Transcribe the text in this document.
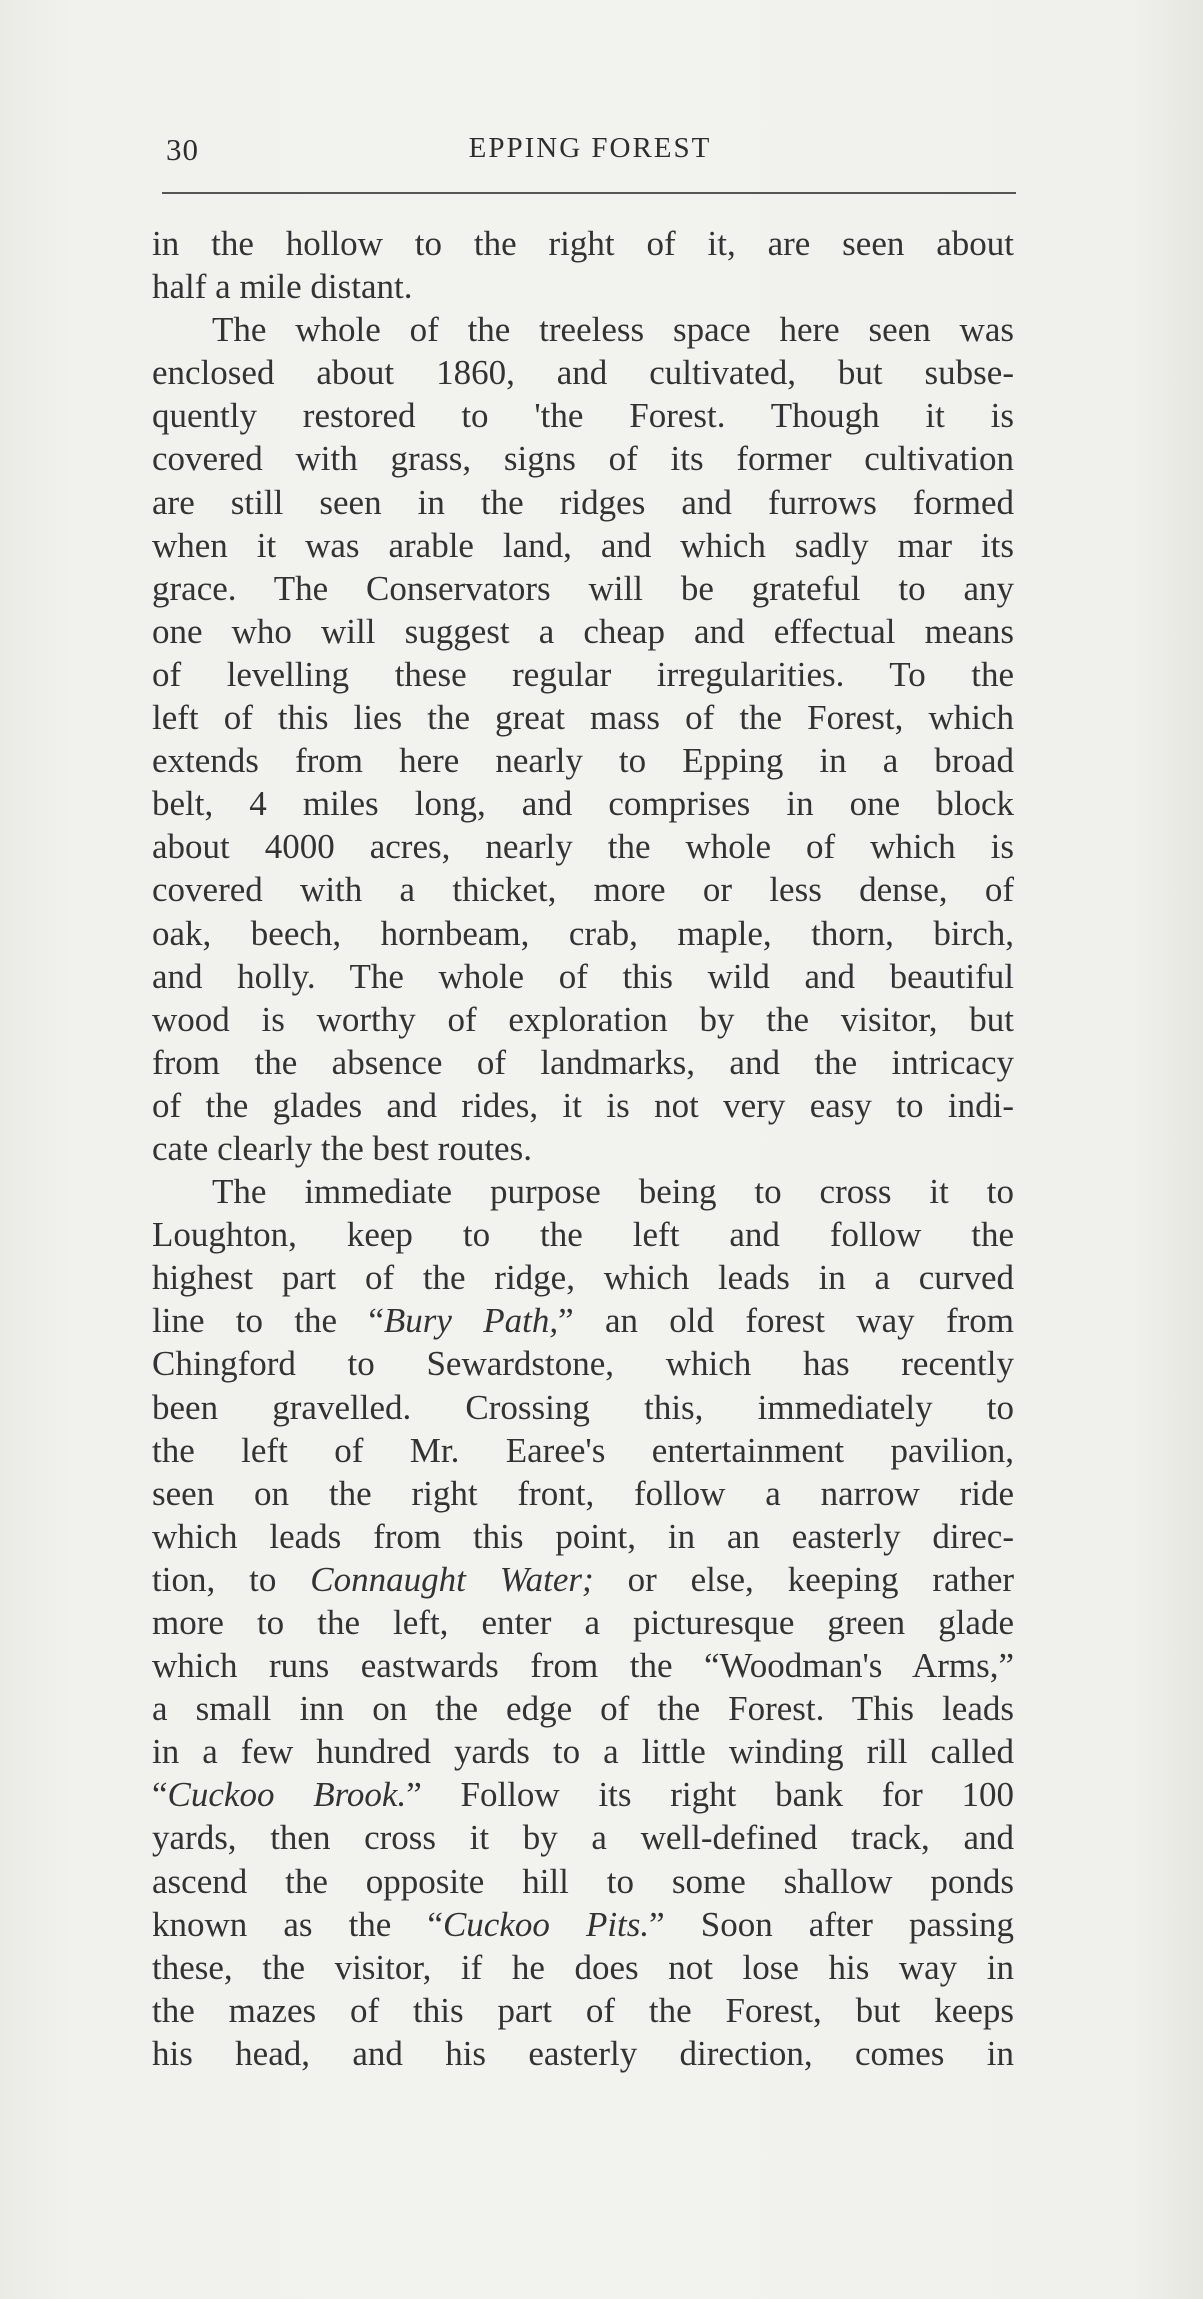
30	EPPING FOREST
in the hollow to the right of it, are seen about
half a mile distant.
The whole of the treeless space here seen was
enclosed about 1860, and cultivated, but subse-
quently restored to 'the Forest. Though it is
covered with grass, signs of its former cultivation
are still seen in the ridges and furrows formed
when it was arable land, and which sadly mar its
grace. The Conservators will be grateful to any
one who will suggest a cheap and effectual means
of levelling these regular irregularities. To the
left of this lies the great mass of the Forest, which
extends from here nearly to Epping in a broad
belt, 4 miles long, and comprises in one block
about 4000 acres, nearly the whole of which is
covered with a thicket, more or less dense, of
oak, beech, hornbeam, crab, maple, thorn, birch,
and holly. The whole of this wild and beautiful
wood is worthy of exploration by the visitor, but
from the absence of landmarks, and the intricacy
of the glades and rides, it is not very easy to indi-
cate clearly the best routes.
The immediate purpose being to cross it to
Loughton, keep to the left and follow the
highest part of the ridge, which leads in a curved
line to the “Bury Path,” an old forest way from
Chingford to Sewardstone, which has recently
been gravelled. Crossing this, immediately to
the left of Mr. Earee's entertainment pavilion,
seen on the right front, follow a narrow ride
which leads from this point, in an easterly direc-
tion, to Connaught Water; or else, keeping rather
more to the left, enter a picturesque green glade
which runs eastwards from the “Woodman's Arms,”
a small inn on the edge of the Forest. This leads
in a few hundred yards to a little winding rill called
“Cuckoo Brook.” Follow its right bank for 100
yards, then cross it by a well-defined track, and
ascend the opposite hill to some shallow ponds
known as the “Cuckoo Pits.” Soon after passing
these, the visitor, if he does not lose his way in
the mazes of this part of the Forest, but keeps
his head, and his easterly direction, comes in
